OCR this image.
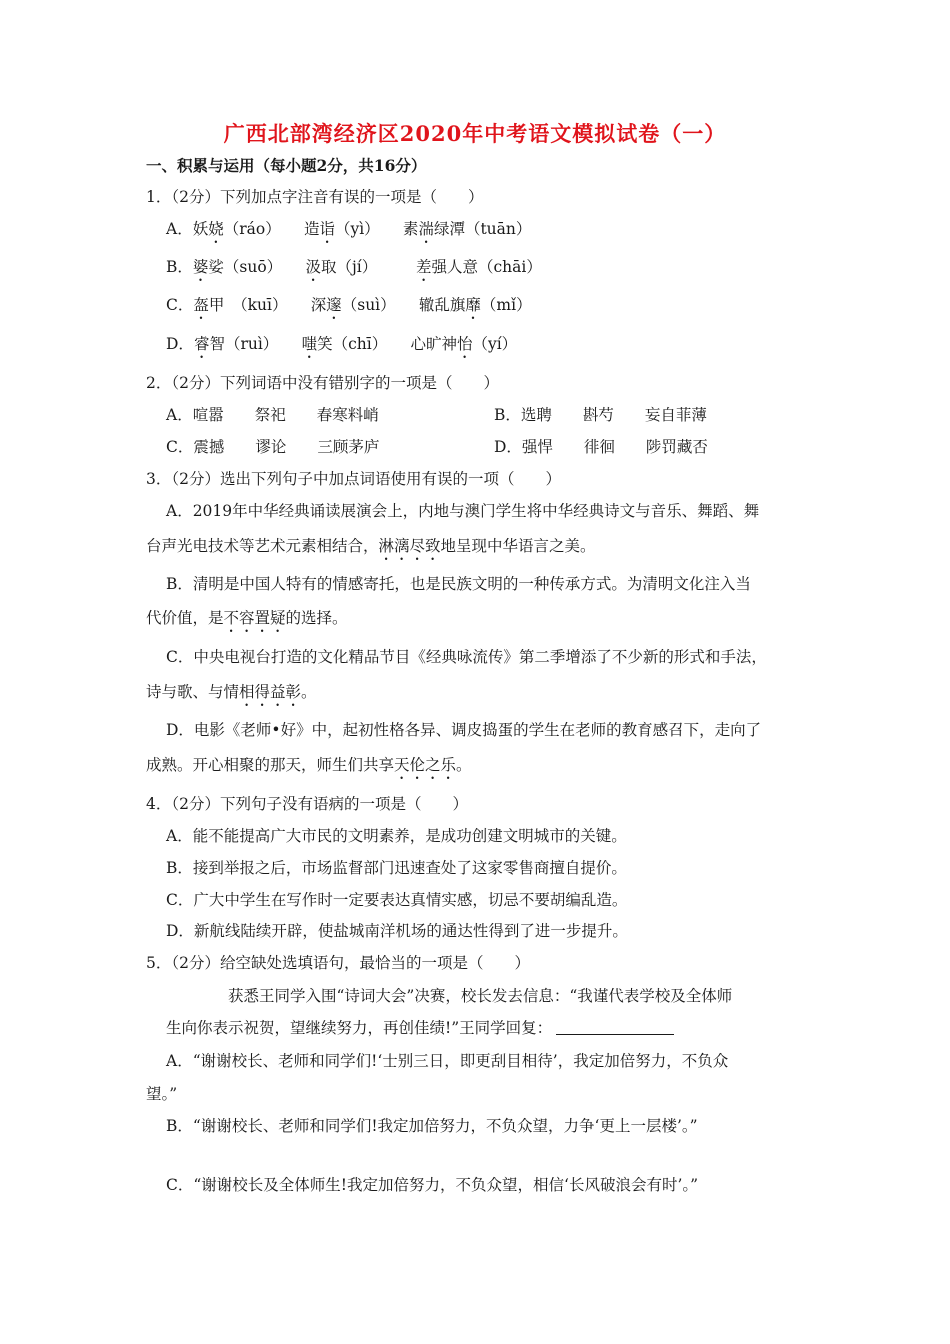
广西北部湾经济区2020年中考语文模拟试卷（一）
一、积累与运用（每小题2分，共16分）
1．（2分）下列加点字注音有误的一项是（　　）
A．妖娆（ráo）　　造诣（yì）　　素湍绿潭（tuān）
B．婆娑（suō）　　汲取（jí）　　　差强人意（chāi）
C．盔甲　（kuī）　　深邃（suì）　　辙乱旗靡（mǐ）
D．睿智（ruì）　　嗤笑（chī）　　心旷神怡（yí）
2．（2分）下列词语中没有错别字的一项是（　　）
A．喧嚣　　祭祀　　春寒料峭	B．选聘　　斟芍　　妄自菲薄
C．震撼　　谬论　　三顾茅庐	D．强悍　　徘徊　　陟罚藏否
3．（2分）选出下列句子中加点词语使用有误的一项（　　）
A．2019年中华经典诵读展演会上，内地与澳门学生将中华经典诗文与音乐、舞蹈、舞
台声光电技术等艺术元素相结合，淋漓尽致地呈现中华语言之美。
B．清明是中国人特有的情感寄托，也是民族文明的一种传承方式。为清明文化注入当
代价值，是不容置疑的选择。
C．中央电视台打造的文化精品节目《经典咏流传》第二季增添了不少新的形式和手法，
诗与歌、与情相得益彰。
D．电影《老师•好》中，起初性格各异、调皮捣蛋的学生在老师的教育感召下，走向了
成熟。开心相聚的那天，师生们共享天伦之乐。
4．（2分）下列句子没有语病的一项是（　　）
A．能不能提高广大市民的文明素养，是成功创建文明城市的关键。
B．接到举报之后，市场监督部门迅速查处了这家零售商擅自提价。
C．广大中学生在写作时一定要表达真情实感，切忌不要胡编乱造。
D．新航线陆续开辟，使盐城南洋机场的通达性得到了进一步提升。
5．（2分）给空缺处选填语句，最恰当的一项是（　　）
获悉王同学入围“诗词大会”决赛，校长发去信息：“我谨代表学校及全体师
生向你表示祝贺，望继续努力，再创佳绩!”王同学回复：
A．“谢谢校长、老师和同学们!‘士别三日，即更刮目相待’，我定加倍努力，不负众
望。”
B．“谢谢校长、老师和同学们!我定加倍努力，不负众望，力争‘更上一层楼’。”
C．“谢谢校长及全体师生!我定加倍努力，不负众望，相信‘长风破浪会有时’。”
